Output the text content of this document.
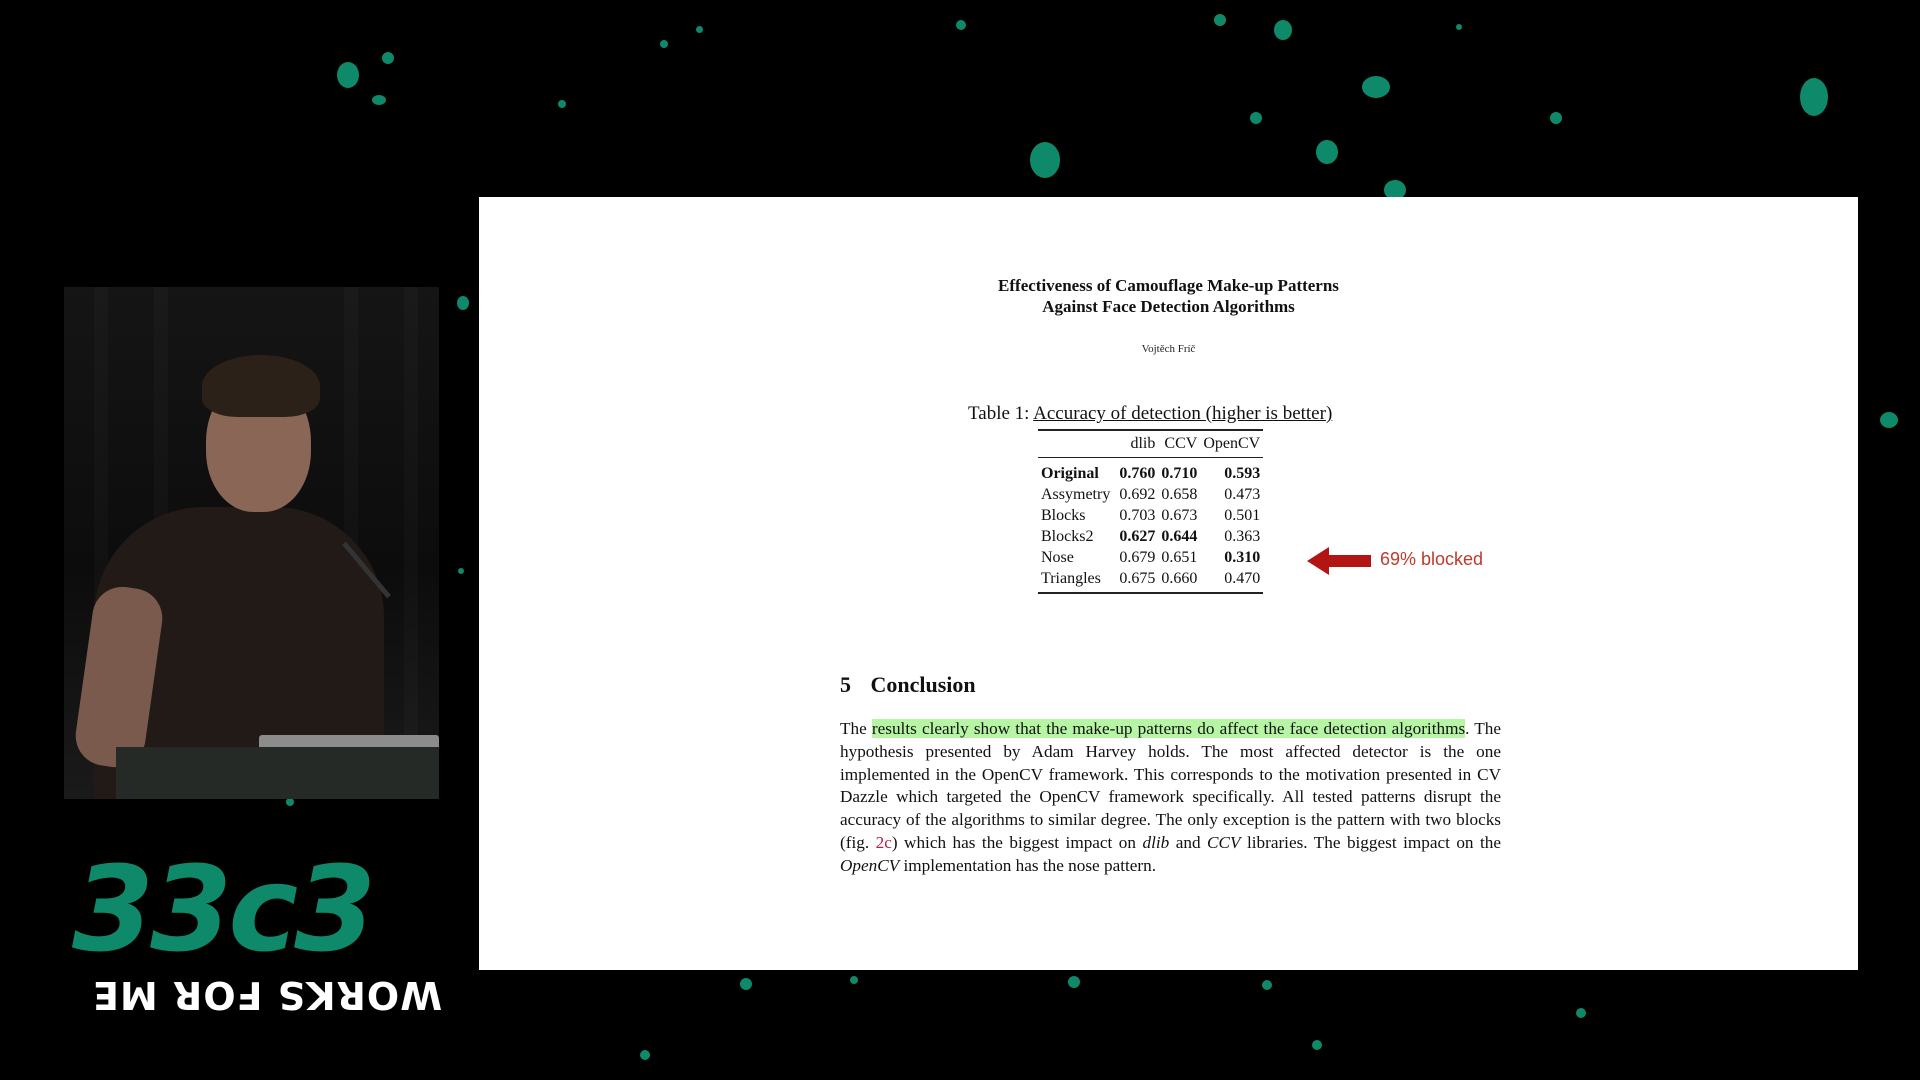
33c3
WORKS FOR ME
Effectiveness of Camouflage Make-up Patterns
Against Face Detection Algorithms
Vojtěch Fríč
Table 1: Accuracy of detection (higher is better)
	dlib	CCV	OpenCV
Original	0.760	0.710	0.593
Assymetry	0.692	0.658	0.473
Blocks	0.703	0.673	0.501
Blocks2	0.627	0.644	0.363
Nose	0.679	0.651	0.310
Triangles	0.675	0.660	0.470
69% blocked
5 Conclusion

The results clearly show that the make-up patterns do affect the face detection algorithms. The hypothesis presented by Adam Harvey holds. The most affected detector is the one implemented in the OpenCV framework. This corresponds to the motivation presented in CV Dazzle which targeted the OpenCV framework specifically. All tested patterns disrupt the accuracy of the algorithms to similar degree. The only exception is the pattern with two blocks (fig. 2c) which has the biggest impact on dlib and CCV libraries. The biggest impact on the OpenCV implementation has the nose pattern.
